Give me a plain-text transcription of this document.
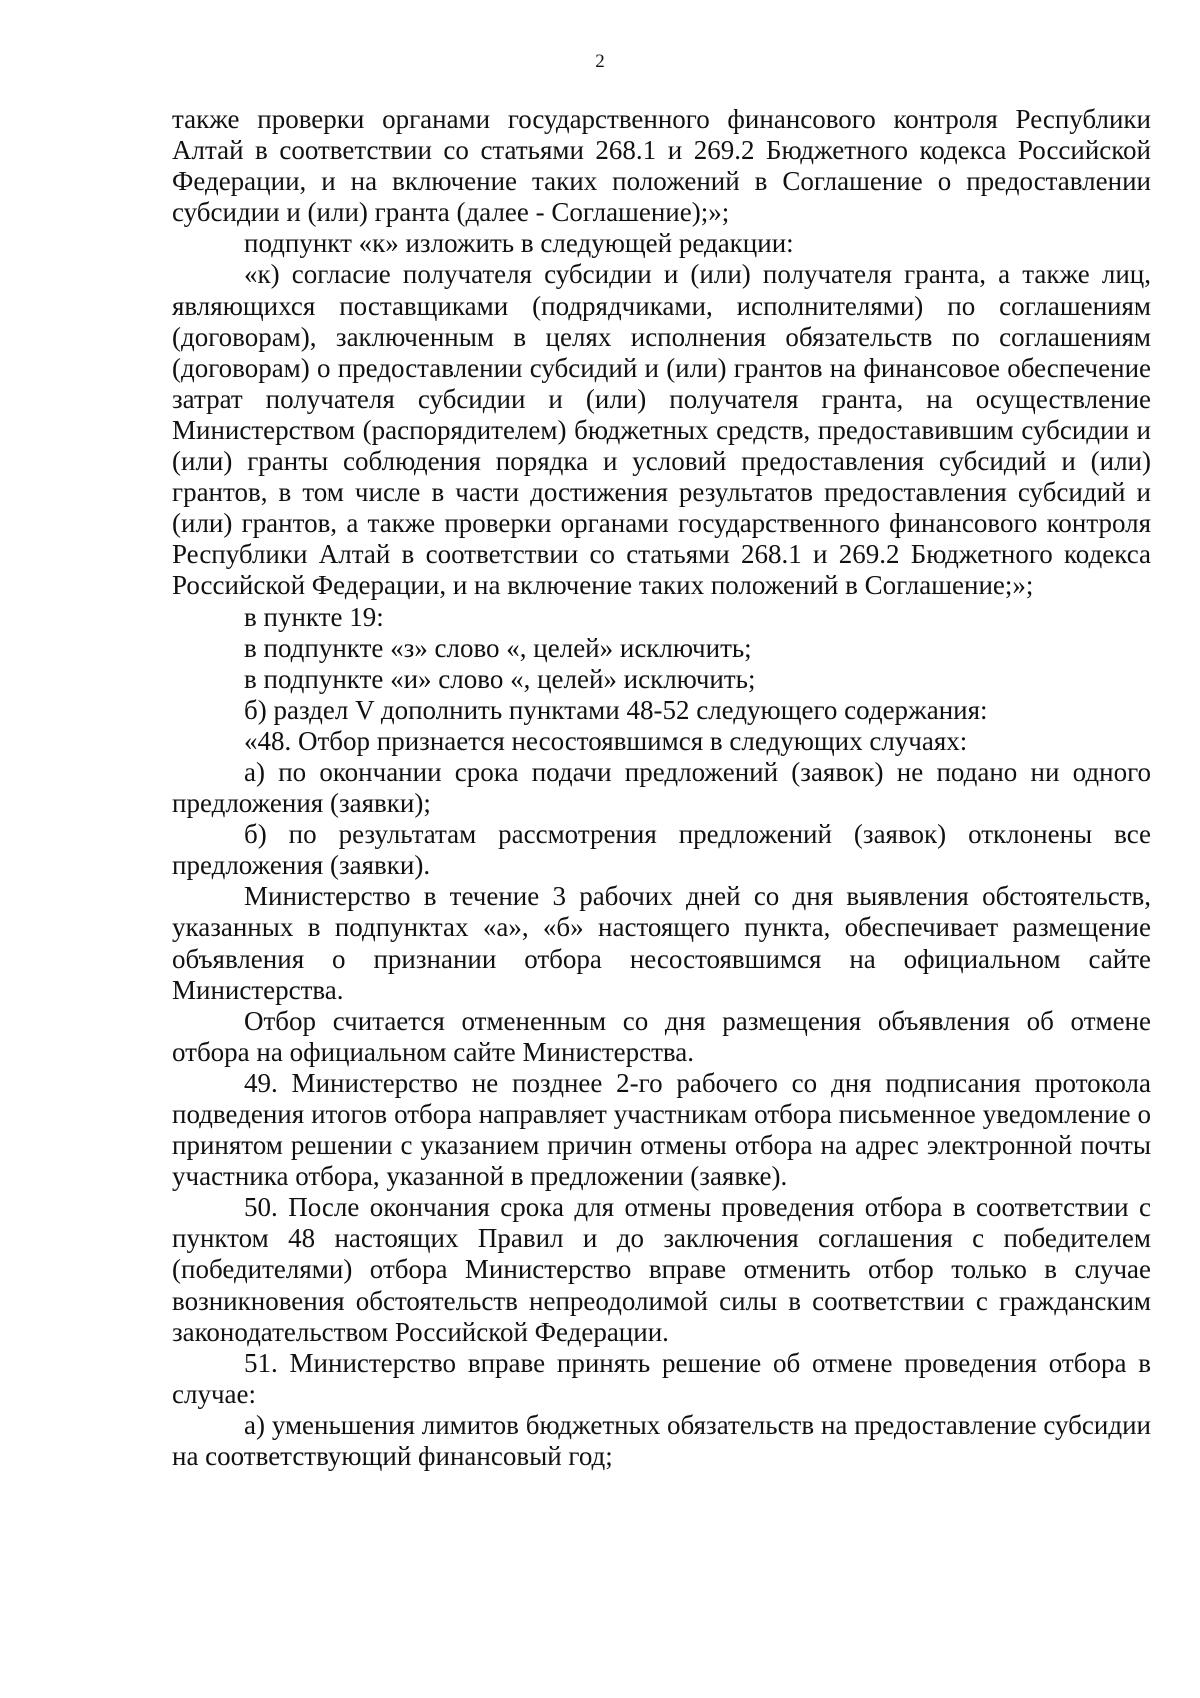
2

также проверки органами государственного финансового контроля Республики Алтай в соответствии со статьями 268.1 и 269.2 Бюджетного кодекса Российской Федерации, и на включение таких положений в Соглашение о предоставлении субсидии и (или) гранта (далее - Соглашение);»;

подпункт «к» изложить в следующей редакции:

«к) согласие получателя субсидии и (или) получателя гранта, а также лиц, являющихся поставщиками (подрядчиками, исполнителями) по соглашениям (договорам), заключенным в целях исполнения обязательств по соглашениям (договорам) о предоставлении субсидий и (или) грантов на финансовое обеспечение затрат получателя субсидии и (или) получателя гранта, на осуществление Министерством (распорядителем) бюджетных средств, предоставившим субсидии и (или) гранты соблюдения порядка и условий предоставления субсидий и (или) грантов, в том числе в части достижения результатов предоставления субсидий и (или) грантов, а также проверки органами государственного финансового контроля Республики Алтай в соответствии со статьями 268.1 и 269.2 Бюджетного кодекса Российской Федерации, и на включение таких положений в Соглашение;»;

в пункте 19:

в подпункте «з» слово «, целей» исключить;

в подпункте «и» слово «, целей» исключить;

б) раздел V дополнить пунктами 48-52 следующего содержания:

«48. Отбор признается несостоявшимся в следующих случаях:

а) по окончании срока подачи предложений (заявок) не подано ни одного предложения (заявки);

б) по результатам рассмотрения предложений (заявок) отклонены все предложения (заявки).

Министерство в течение 3 рабочих дней со дня выявления обстоятельств, указанных в подпунктах «а», «б» настоящего пункта, обеспечивает размещение объявления о признании отбора несостоявшимся на официальном сайте Министерства.

Отбор считается отмененным со дня размещения объявления об отмене отбора на официальном сайте Министерства.

49. Министерство не позднее 2-го рабочего со дня подписания протокола подведения итогов отбора направляет участникам отбора письменное уведомление о принятом решении с указанием причин отмены отбора на адрес электронной почты участника отбора, указанной в предложении (заявке).

50. После окончания срока для отмены проведения отбора в соответствии с пунктом 48 настоящих Правил и до заключения соглашения с победителем (победителями) отбора Министерство вправе отменить отбор только в случае возникновения обстоятельств непреодолимой силы в соответствии с гражданским законодательством Российской Федерации.

51. Министерство вправе принять решение об отмене проведения отбора в случае:

а) уменьшения лимитов бюджетных обязательств на предоставление субсидии на соответствующий финансовый год;
